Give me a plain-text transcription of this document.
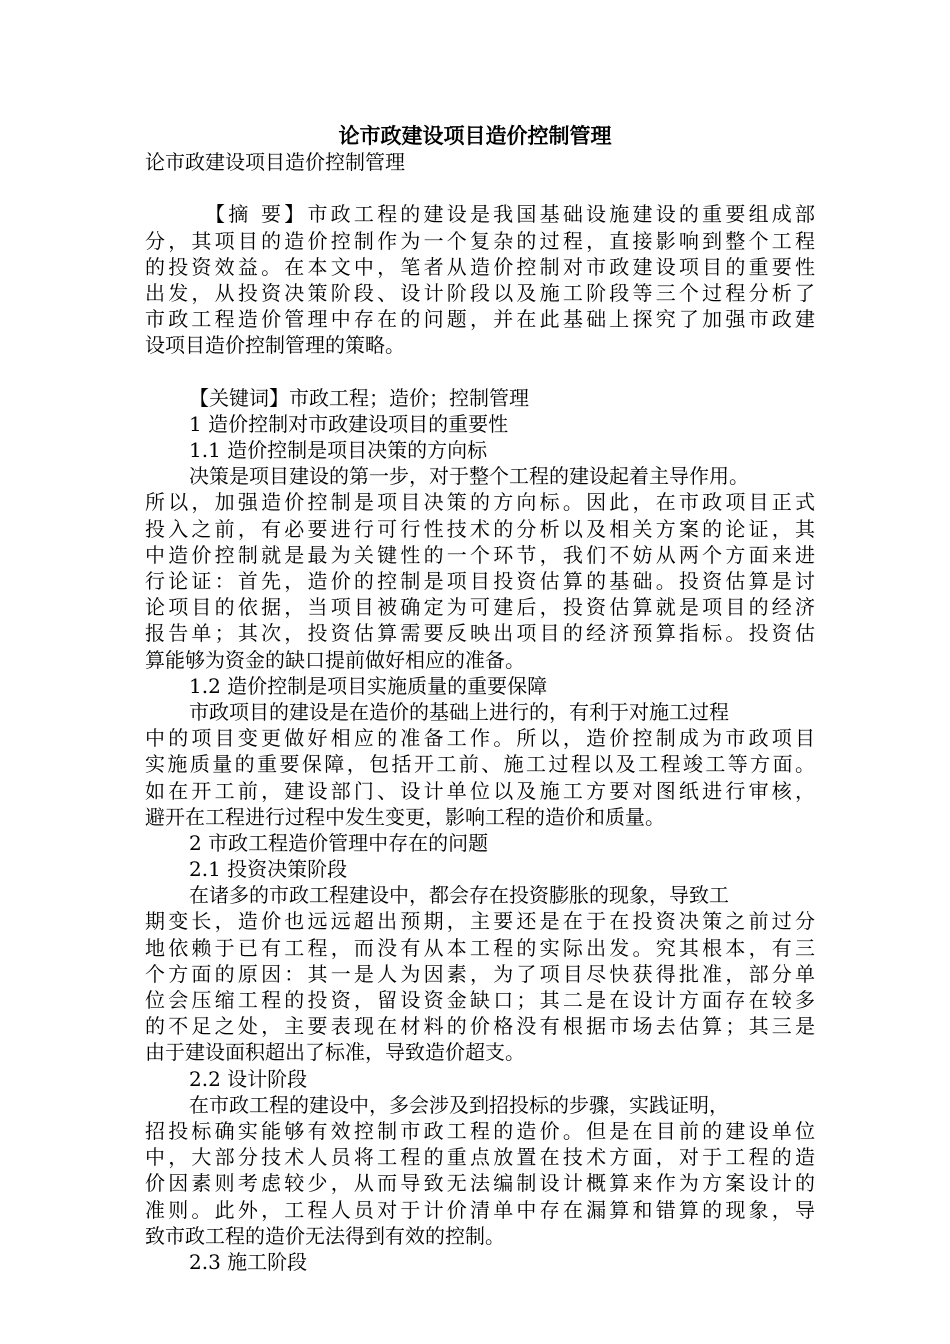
论市政建设项目造价控制管理
论市政建设项目造价控制管理
【摘 要】市政工程的建设是我国基础设施建设的重要组成部
分，其项目的造价控制作为一个复杂的过程，直接影响到整个工程
的投资效益。在本文中，笔者从造价控制对市政建设项目的重要性
出发，从投资决策阶段、设计阶段以及施工阶段等三个过程分析了
市政工程造价管理中存在的问题，并在此基础上探究了加强市政建
设项目造价控制管理的策略。
【关键词】市政工程；造价；控制管理
1 造价控制对市政建设项目的重要性
1.1 造价控制是项目决策的方向标
决策是项目建设的第一步，对于整个工程的建设起着主导作用。
所以，加强造价控制是项目决策的方向标。因此，在市政项目正式
投入之前，有必要进行可行性技术的分析以及相关方案的论证，其
中造价控制就是最为关键性的一个环节，我们不妨从两个方面来进
行论证：首先，造价的控制是项目投资估算的基础。投资估算是讨
论项目的依据，当项目被确定为可建后，投资估算就是项目的经济
报告单；其次，投资估算需要反映出项目的经济预算指标。投资估
算能够为资金的缺口提前做好相应的准备。
1.2 造价控制是项目实施质量的重要保障
市政项目的建设是在造价的基础上进行的，有利于对施工过程
中的项目变更做好相应的准备工作。所以，造价控制成为市政项目
实施质量的重要保障，包括开工前、施工过程以及工程竣工等方面。
如在开工前，建设部门、设计单位以及施工方要对图纸进行审核，
避开在工程进行过程中发生变更，影响工程的造价和质量。
2 市政工程造价管理中存在的问题
2.1 投资决策阶段
在诸多的市政工程建设中，都会存在投资膨胀的现象，导致工
期变长，造价也远远超出预期，主要还是在于在投资决策之前过分
地依赖于已有工程，而没有从本工程的实际出发。究其根本，有三
个方面的原因：其一是人为因素，为了项目尽快获得批准，部分单
位会压缩工程的投资，留设资金缺口；其二是在设计方面存在较多
的不足之处，主要表现在材料的价格没有根据市场去估算；其三是
由于建设面积超出了标准，导致造价超支。
2.2 设计阶段
在市政工程的建设中，多会涉及到招投标的步骤，实践证明，
招投标确实能够有效控制市政工程的造价。但是在目前的建设单位
中，大部分技术人员将工程的重点放置在技术方面，对于工程的造
价因素则考虑较少，从而导致无法编制设计概算来作为方案设计的
准则。此外，工程人员对于计价清单中存在漏算和错算的现象，导
致市政工程的造价无法得到有效的控制。
2.3 施工阶段
